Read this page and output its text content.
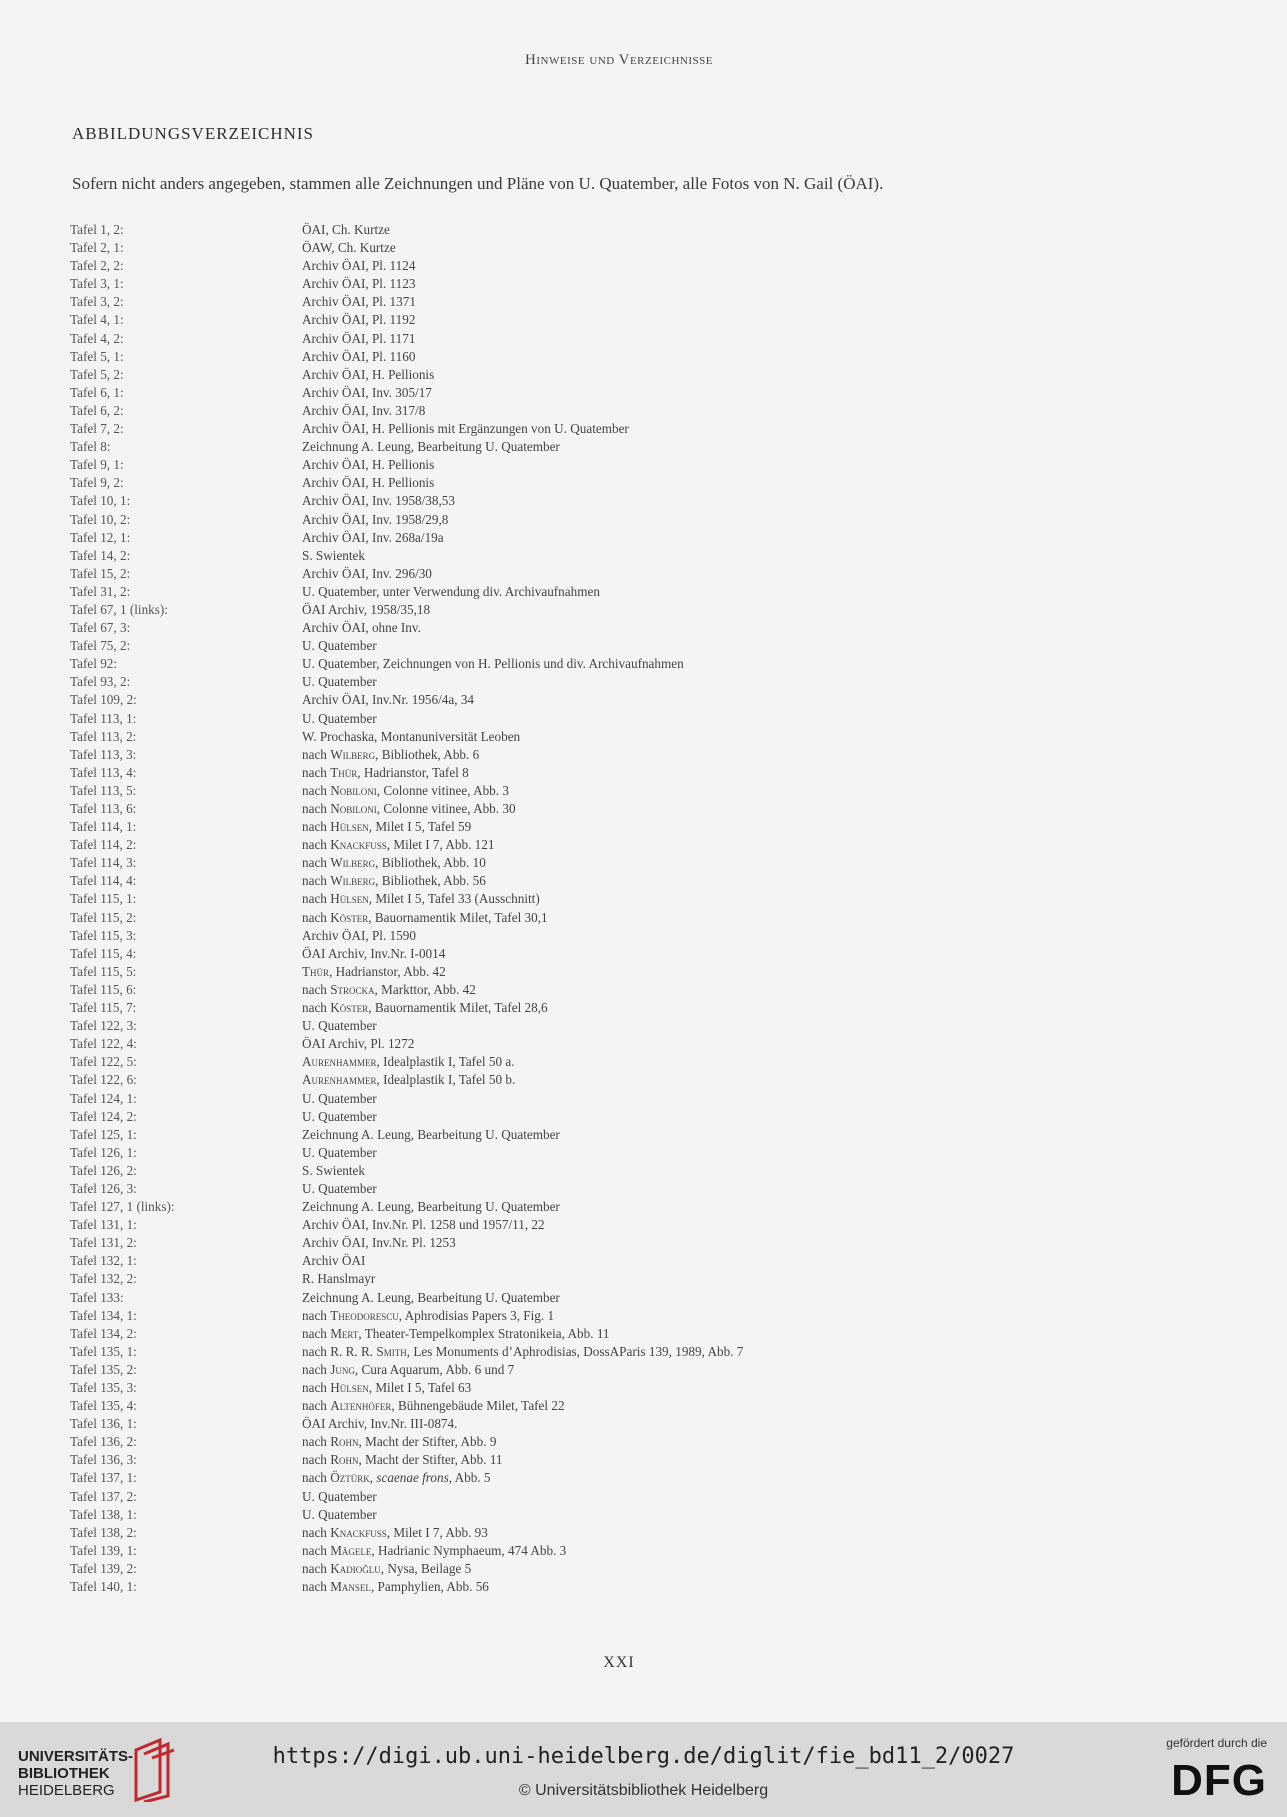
Hinweise und Verzeichnisse
ABBILDUNGSVERZEICHNIS
Sofern nicht anders angegeben, stammen alle Zeichnungen und Pläne von U. Quatember, alle Fotos von N. Gail (ÖAI).
Tafel 1, 2:	ÖAI, Ch. Kurtze
Tafel 2, 1:	ÖAW, Ch. Kurtze
Tafel 2, 2:	Archiv ÖAI, Pl. 1124
Tafel 3, 1:	Archiv ÖAI, Pl. 1123
Tafel 3, 2:	Archiv ÖAI, Pl. 1371
Tafel 4, 1:	Archiv ÖAI, Pl. 1192
Tafel 4, 2:	Archiv ÖAI, Pl. 1171
Tafel 5, 1:	Archiv ÖAI, Pl. 1160
Tafel 5, 2:	Archiv ÖAI, H. Pellionis
Tafel 6, 1:	Archiv ÖAI, Inv. 305/17
Tafel 6, 2:	Archiv ÖAI, Inv. 317/8
Tafel 7, 2:	Archiv ÖAI, H. Pellionis mit Ergänzungen von U. Quatember
Tafel 8:	Zeichnung A. Leung, Bearbeitung U. Quatember
Tafel 9, 1:	Archiv ÖAI, H. Pellionis
Tafel 9, 2:	Archiv ÖAI, H. Pellionis
Tafel 10, 1:	Archiv ÖAI, Inv. 1958/38,53
Tafel 10, 2:	Archiv ÖAI, Inv. 1958/29,8
Tafel 12, 1:	Archiv ÖAI, Inv. 268a/19a
Tafel 14, 2:	S. Swientek
Tafel 15, 2:	Archiv ÖAI, Inv. 296/30
Tafel 31, 2:	U. Quatember, unter Verwendung div. Archivaufnahmen
Tafel 67, 1 (links):	ÖAI Archiv, 1958/35,18
Tafel 67, 3:	Archiv ÖAI, ohne Inv.
Tafel 75, 2:	U. Quatember
Tafel 92:	U. Quatember, Zeichnungen von H. Pellionis und div. Archivaufnahmen
Tafel 93, 2:	U. Quatember
Tafel 109, 2:	Archiv ÖAI, Inv.Nr. 1956/4a, 34
Tafel 113, 1:	U. Quatember
Tafel 113, 2:	W. Prochaska, Montanuniversität Leoben
Tafel 113, 3:	nach Wilberg, Bibliothek, Abb. 6
Tafel 113, 4:	nach Thür, Hadrianstor, Tafel 8
Tafel 113, 5:	nach Nobiloni, Colonne vitinee, Abb. 3
Tafel 113, 6:	nach Nobiloni, Colonne vitinee, Abb. 30
Tafel 114, 1:	nach Hülsen, Milet I 5, Tafel 59
Tafel 114, 2:	nach Knackfuss, Milet I 7, Abb. 121
Tafel 114, 3:	nach Wilberg, Bibliothek, Abb. 10
Tafel 114, 4:	nach Wilberg, Bibliothek, Abb. 56
Tafel 115, 1:	nach Hülsen, Milet I 5, Tafel 33 (Ausschnitt)
Tafel 115, 2:	nach Köster, Bauornamentik Milet, Tafel 30,1
Tafel 115, 3:	Archiv ÖAI, Pl. 1590
Tafel 115, 4:	ÖAI Archiv, Inv.Nr. I-0014
Tafel 115, 5:	Thür, Hadrianstor, Abb. 42
Tafel 115, 6:	nach Strocka, Markttor, Abb. 42
Tafel 115, 7:	nach Köster, Bauornamentik Milet, Tafel 28,6
Tafel 122, 3:	U. Quatember
Tafel 122, 4:	ÖAI Archiv, Pl. 1272
Tafel 122, 5:	Aurenhammer, Idealplastik I, Tafel 50 a.
Tafel 122, 6:	Aurenhammer, Idealplastik I, Tafel 50 b.
Tafel 124, 1:	U. Quatember
Tafel 124, 2:	U. Quatember
Tafel 125, 1:	Zeichnung A. Leung, Bearbeitung U. Quatember
Tafel 126, 1:	U. Quatember
Tafel 126, 2:	S. Swientek
Tafel 126, 3:	U. Quatember
Tafel 127, 1 (links):	Zeichnung A. Leung, Bearbeitung U. Quatember
Tafel 131, 1:	Archiv ÖAI, Inv.Nr. Pl. 1258 und 1957/11, 22
Tafel 131, 2:	Archiv ÖAI, Inv.Nr. Pl. 1253
Tafel 132, 1:	Archiv ÖAI
Tafel 132, 2:	R. Hanslmayr
Tafel 133:	Zeichnung A. Leung, Bearbeitung U. Quatember
Tafel 134, 1:	nach Theodorescu, Aphrodisias Papers 3, Fig. 1
Tafel 134, 2:	nach Mert, Theater-Tempelkomplex Stratonikeia, Abb. 11
Tafel 135, 1:	nach R. R. R. Smith, Les Monuments d’Aphrodisias, DossAParis 139, 1989, Abb. 7
Tafel 135, 2:	nach Jung, Cura Aquarum, Abb. 6 und 7
Tafel 135, 3:	nach Hülsen, Milet I 5, Tafel 63
Tafel 135, 4:	nach Altenhöfer, Bühnengebäude Milet, Tafel 22
Tafel 136, 1:	ÖAI Archiv, Inv.Nr. III-0874.
Tafel 136, 2:	nach Rohn, Macht der Stifter, Abb. 9
Tafel 136, 3:	nach Rohn, Macht der Stifter, Abb. 11
Tafel 137, 1:	nach Öztürk, scaenae frons, Abb. 5
Tafel 137, 2:	U. Quatember
Tafel 138, 1:	U. Quatember
Tafel 138, 2:	nach Knackfuss, Milet I 7, Abb. 93
Tafel 139, 1:	nach Mägele, Hadrianic Nymphaeum, 474 Abb. 3
Tafel 139, 2:	nach Kadıoğlu, Nysa, Beilage 5
Tafel 140, 1:	nach Mansel, Pamphylien, Abb. 56
XXI
UNIVERSITÄTS-
BIBLIOTHEK
HEIDELBERG
https://digi.ub.uni-heidelberg.de/diglit/fie_bd11_2/0027
© Universitätsbibliothek Heidelberg
gefördert durch die
DFG
